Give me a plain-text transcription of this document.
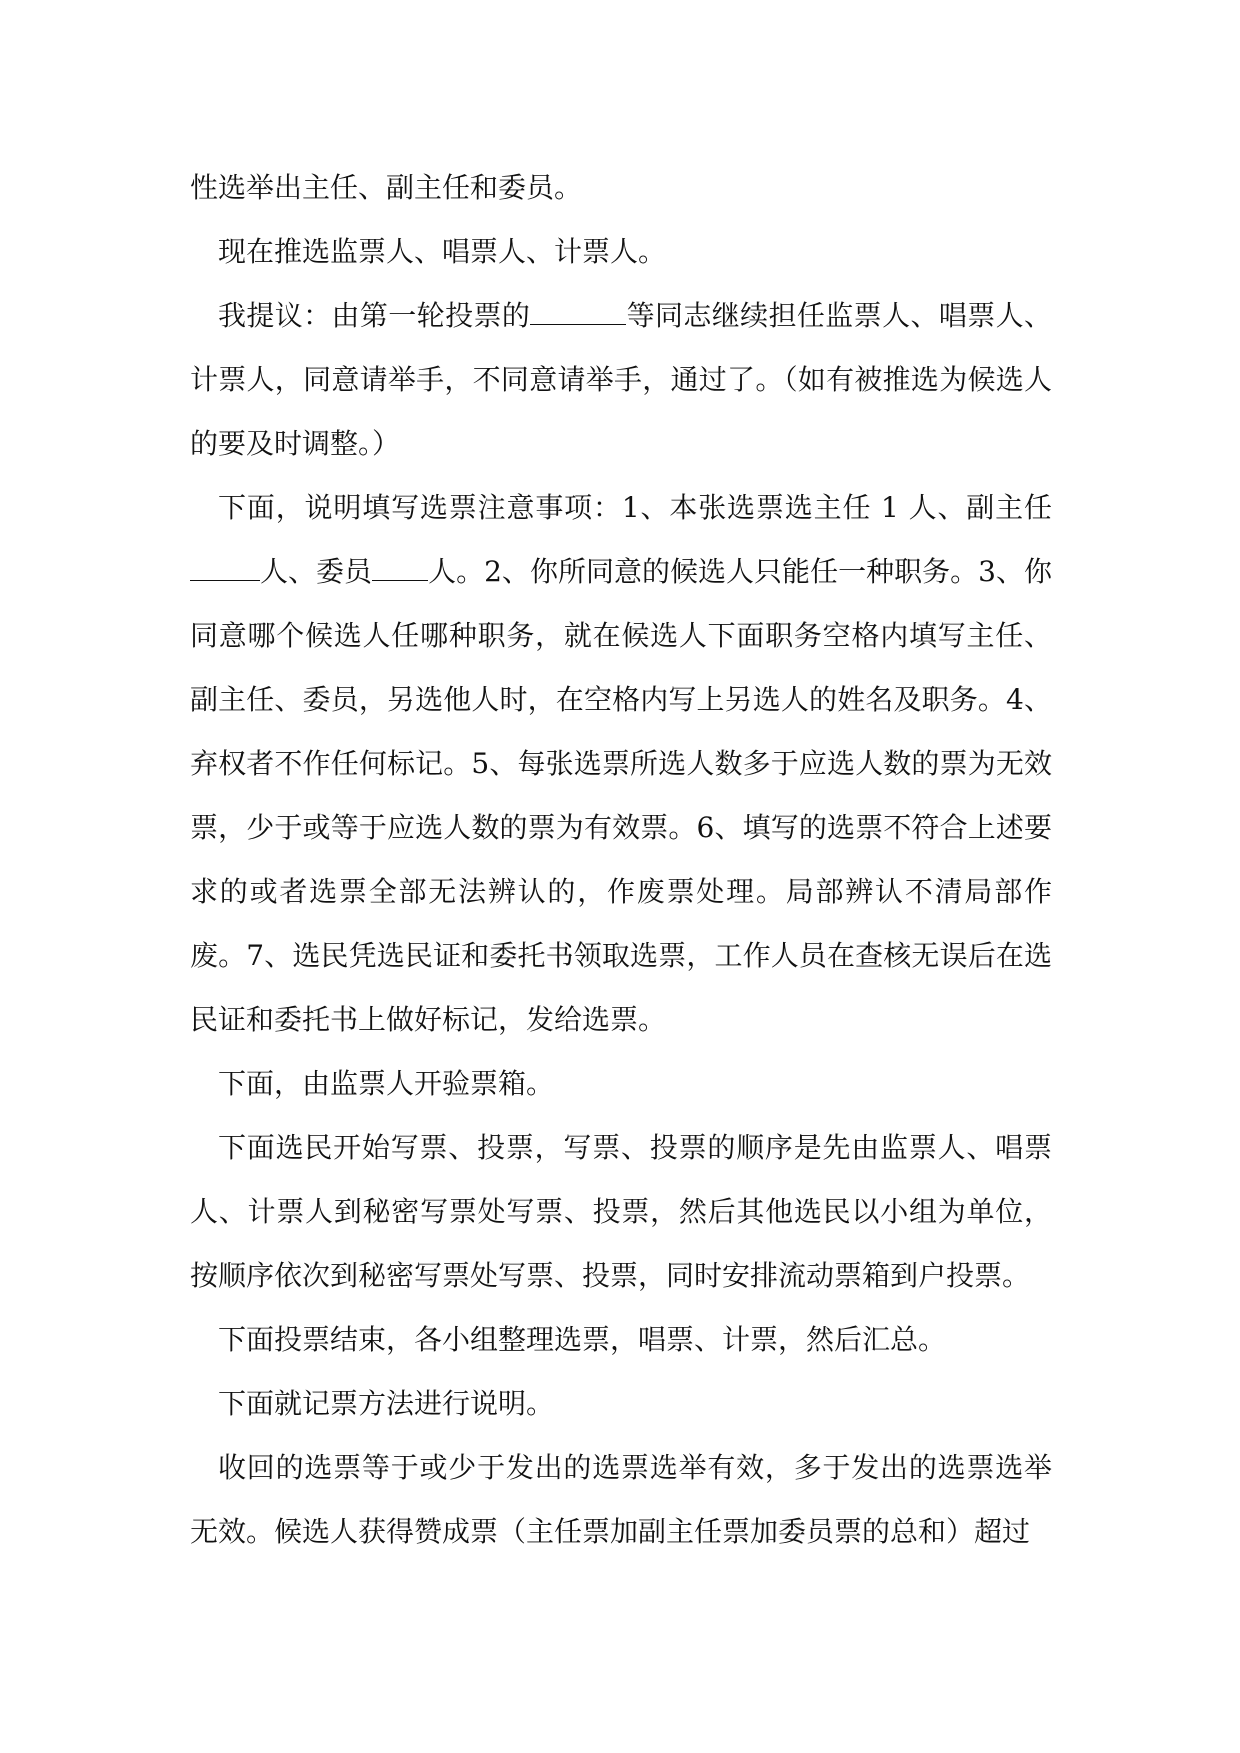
性选举出主任、副主任和委员。

现在推选监票人、唱票人、计票人。

我提议：由第一轮投票的	等同志继续担任监票人、唱票人、计票人，同意请举手，不同意请举手，通过了。（如有被推选为候选人的要及时调整。）

下面，说明填写选票注意事项：1、本张选票选主任 1 人、副主任人、委员 人。2、你所同意的候选人只能任一种职务。3、你同意哪个候选人任哪种职务，就在候选人下面职务空格内填写主任、副主任、委员，另选他人时，在空格内写上另选人的姓名及职务。4、弃权者不作任何标记。5、每张选票所选人数多于应选人数的票为无效票，少于或等于应选人数的票为有效票。6、填写的选票不符合上述要求的或者选票全部无法辨认的，作废票处理。局部辨认不清局部作废。7、选民凭选民证和委托书领取选票，工作人员在查核无误后在选民证和委托书上做好标记，发给选票。

下面，由监票人开验票箱。

下面选民开始写票、投票，写票、投票的顺序是先由监票人、唱票人、计票人到秘密写票处写票、投票，然后其他选民以小组为单位，按顺序依次到秘密写票处写票、投票，同时安排流动票箱到户投票。

下面投票结束，各小组整理选票，唱票、计票，然后汇总。

下面就记票方法进行说明。

收回的选票等于或少于发出的选票选举有效，多于发出的选票选举无效。候选人获得赞成票（主任票加副主任票加委员票的总和）超过
